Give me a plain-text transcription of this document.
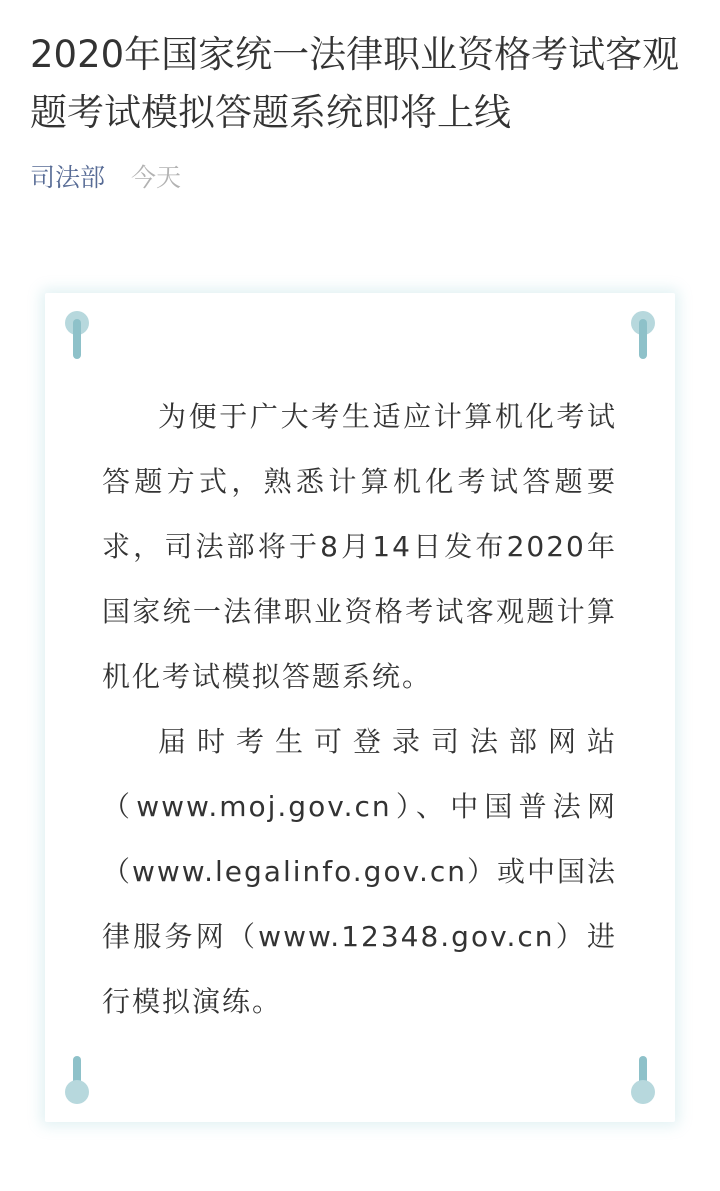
2020年国家统一法律职业资格考试客观题考试模拟答题系统即将上线
司法部 今天

为便于广大考生适应计算机化考试答题方式，熟悉计算机化考试答题要求，司法部将于8月14日发布2020年国家统一法律职业资格考试客观题计算机化考试模拟答题系统。

届时考生可登录司法部网站（www.moj.gov.cn）、中国普法网（www.legalinfo.gov.cn）或中国法律服务网（www.12348.gov.cn）进行模拟演练。
